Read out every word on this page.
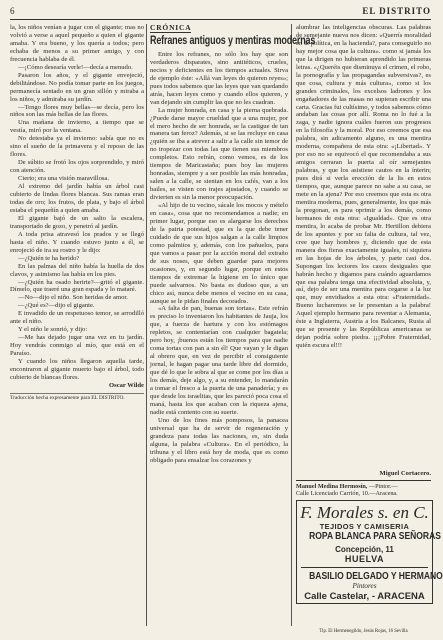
6	EL DISTRITO

la, los niños venían a jugar con el gigante; mas no volvió a verse a aquel pequeño a quien el gigante amaba. Y era bueno, y los quería a todos; pero echaba de menos a su primer amigo, y con frecuencia hablaba de él.

—¡Cómo desearía verle!—decía a menudo.

Pasaron los años, y el gigante envejeció, debilitándose. No podía tomar parte en los juegos, permanecía sentado en un gran sillón y miraba a los niños, y admiraba su jardín.

—Tengo flores muy bellas—se decía, pero los niños son las más bellas de las flores.

Una mañana de invierno, a tiempo que se vestía, miró por la ventana.

No detestaba ya el invierno: sabía que no es sino el sueño de la primavera y el reposo de las flores.

De súbito se frotó los ojos sorprendido, y miró con atención.

Cierto; era una visión maravillosa.

Al extremo del jardín había un árbol casi cubierto de lindas flores blancas. Sus ramas eran todas de oro; los frutos, de plata, y bajo el árbol estaba el pequeñín a quien amaba.

El gigante bajó de un salto la escalera, transportado de gozo, y penetró al jardín.

A toda prisa atravesó los prados y se llegó hasta el niño. Y cuando estuvo junto a él, se enrojeció de ira su rostro y le dijo:

—¿Quién te ha herido?

En las palmas del niño había la huella de dos clavos, y asimismo las había en los pies.

—¿Quién ha osado herirte?—gritó el gigante. Dímelo, que traeré una gran espada y lo mataré.

—No—dijo el niño. Son heridas de amor.

—¿Qué es?—dijo el gigante.

E invadido de un respetuoso temor, se arrodilló ante el niño.

Y el niño le sonrió, y dijo:

—Me has dejado jugar una vez en tu jardín. Hoy vendrás conmigo al mío, que está en el Paraíso.

Y cuando los niños llegaron aquella tarde, encontraron al gigante muerto bajo el árbol, todo cubierto de blancas flores.

Oscar Wilde

Traducción hecha expresamente para EL DISTRITO.

CRÓNICA
Refranes antiguos y mentiras modernas

Entre los refranes, no sólo los hay que son verdaderos disparates, sino antitéticos, crueles, necios y deficientes en los tiempos actuales. Sirva de ejemplo éste: «Allá van leyes do quieren reyes»; pues todos sabemos que las leyes que van quedando atrás, hacen leyes como y cuando ellos quieren, y van dejando sin cumplir las que no les cuadran.

La mujer honrada, en casa y la pierna quebrada. ¿Puede darse mayor crueldad que a una mujer, por el mero hecho de ser honrada, se la castigue de tan manera tan feroz? Además, si se las recluye en casa ¿quién se iba a atrever a salir a la calle sin temor de no tropezar con todas las que tienen sus miembros completos. Esto refrán, como vemos, es de los tiempos de Maricastaña; pues hoy las mujeres honradas, siempre y a ser posible las más honradas, salen a la calle, se sientan en los cafés, van a los bailes, se visten con trajes ajustados, y cuando se divierten es sin la menor preocupación.

«Al hijo de tu vecino, sácale los mocos y mételo en casa», cosa que no recomendamos a nadie; en primer lugar, porque eso es alargarse los derechos de la patria potestad, que es la que debe tener cuidado de que sus hijos salgan a la calle limpios como palmitos y, además, con los pañuelos, para que vamos a pasar por la acción moral del extraño de sus noses, que deben guardar para mejores ocasiones, y, en segundo lugar, porque en estos tiempos de extremar la higiene en lo único que puede salvarnos. No basta es dudoso que, a un chico así, nunca debe menos el vecino en su casa, aunque se le pidan finales decorados.

«A falta de pan, buenas son tortas». Este refrán es preciso lo inventaron los habitantes de Jauja, los que, a fuerza de hartura y con los estómagos repletos, se contentarían con cualquier bagatela; pero hoy, ¡buenos están los tiempos para que nadie coma tortas con pan a sin él! Que vayan y le digan al obrero que, en vez de percibir el consiguiente jornal, le hagan pagar una tarde libre del dormido, que dé lo que le sobra al que se come por los días a los demás, deje algo, y, a su entender, lo mandarán a tomar el fresco a la puerta de una panadería; y es que desde los israelitas, que les pareció poca cosa el maná, hasta los que acaban con la riqueza ajena, nadie está contento con su suerte.

Uno de los fines más pomposos, la panacea universal que ha de servir de regeneración y grandeza para todas las naciones, es, sin duda alguna, la palabra «Cultura». En el periódico, la tribuna y el libro está hoy de moda, que es como obligado para ensalzar los corazones y

alumbrar las inteligencias obscuras. Las palabras de semejante nueva nos dicen: «Querrís moralidad en la política, en la hacienda?, para conseguirlo no hay mejor cosa que la cultura». como si jamás los que la dirigen no hubieran aprendido las primeras letras. «¿Queréis que disminuya el crimen, el robo, la pornografía y las propagandas subversivas?, es que cosa, cultura y más cultura», como si los grandes criminales, los excelsos ladrones y los engañadores de las masas no supieran escribir una carta. Gracias fui cultísimo, y todos sabemos cómo andaban las cosas por allí. Roma no lo fué a la zaga, y nadie ignora cuáles fueron sus progresos en la filosofía y la moral. Por eso creemos que esa palabra, sin adicamento alguno, es una mentira moderna, compañera de esta otra: «¡Libertad». Y por eso no se equivocó el que recomendaba a sus amigos cerraran la puerta al oír semejantes palabras, y que los asistiese cautos en la ínterin; pues dirá si verla erección de la lis en estos tiempos, que, aunque parece no sabe a su casa, se mete en la ajena? Por eso creemos que esta es otra mentira moderna, pues, generalmente, los que más la pregonan, es para oprimir a los demás, como hermanos de esta otra: «Igualdad». Que es otra mentira, lo acaba de probar Mr. Hertillon debiera de los apuntes y por su falta de cultura, tal vez, cree que hay hombres y, diciendo que de esta manera dos fieras exactamente iguales, ni siquiera en las hojas de los árboles, y parte casi dos. Supongan los lectores los casos desiguales que habrán hecho y digamos para cuándo aguardamos que esa palabra tenga una efectividad absoluta, y, así, dejo de ser una mentira para cegarse a la luz que, muy envidiados a esta otra: «Fraternidad». Bueno lucharemos se le presentan a la palabra! Aquel ejemplo hermano para reventar a Alemania, éste a Inglaterra, Austria a los Balcanes, Rusia al que se presente y las Repúblicas americanas se dejan podría sobre piedra. ¡¡¡Pobre Fraternidad, quién escura el!!!

Miguel Cortacero.

Manuel Medina Hermosín, —Pintor.—
Calle Licenciado Carrión, 10.—Aracena.
F. Morales s. en C.
TEJIDOS Y CAMISERIA
ROPA BLANCA PARA SEÑORAS
Concepción, 11
HUELVA
BASILIO DELGADO Y HERMANO
Pintores
Calle Castelar, - ARACENA
Tip. El Hermenegildo, Jesús Rojas, 16 Sevilla
